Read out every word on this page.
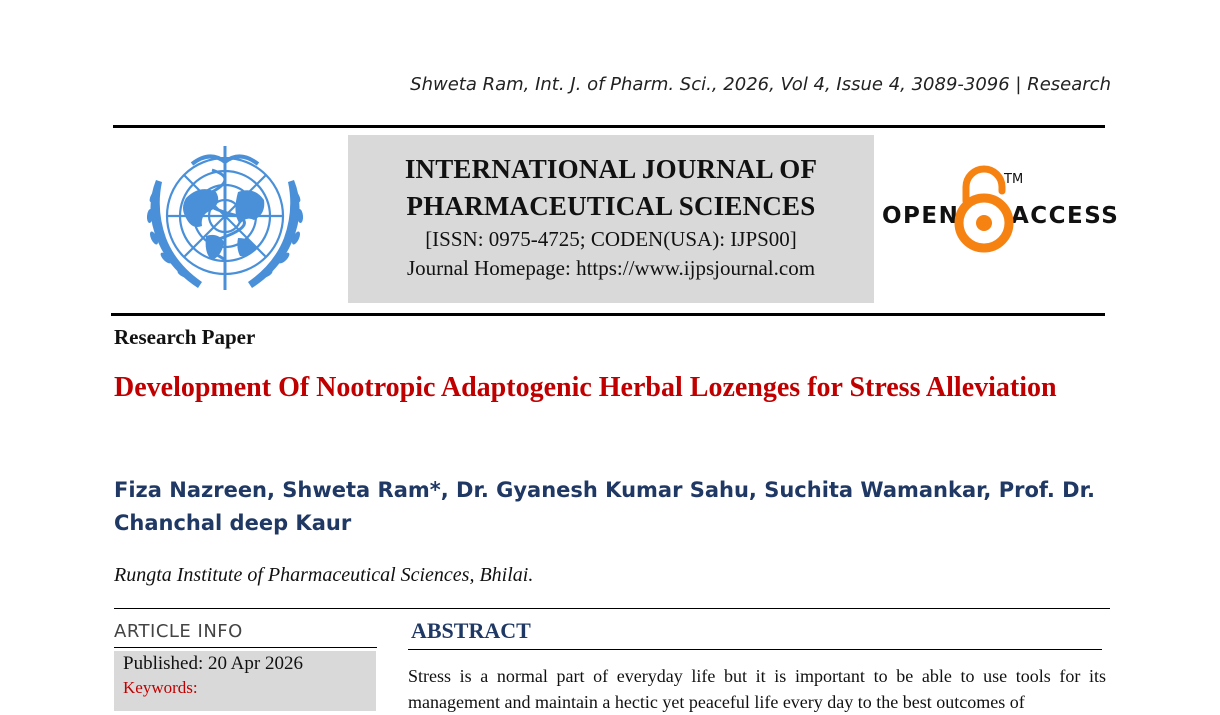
Shweta Ram, Int. J. of Pharm. Sci., 2026, Vol 4, Issue 4, 3089-3096 | Research
INTERNATIONAL JOURNAL OF
PHARMACEUTICAL SCIENCES
[ISSN: 0975-4725; CODEN(USA): IJPS00]
Journal Homepage: https://www.ijpsjournal.com
OPEN ACCESS
TM
Research Paper
Development Of Nootropic Adaptogenic Herbal Lozenges for Stress Alleviation
Fiza Nazreen, Shweta Ram*, Dr. Gyanesh Kumar Sahu, Suchita Wamankar, Prof. Dr. Chanchal deep Kaur
Rungta Institute of Pharmaceutical Sciences, Bhilai.
ARTICLE INFO
Published: 20 Apr 2026
Keywords:
ABSTRACT
Stress is a normal part of everyday life but it is important to be able to use tools for its management and maintain a hectic yet peaceful life every day to the best outcomes of
